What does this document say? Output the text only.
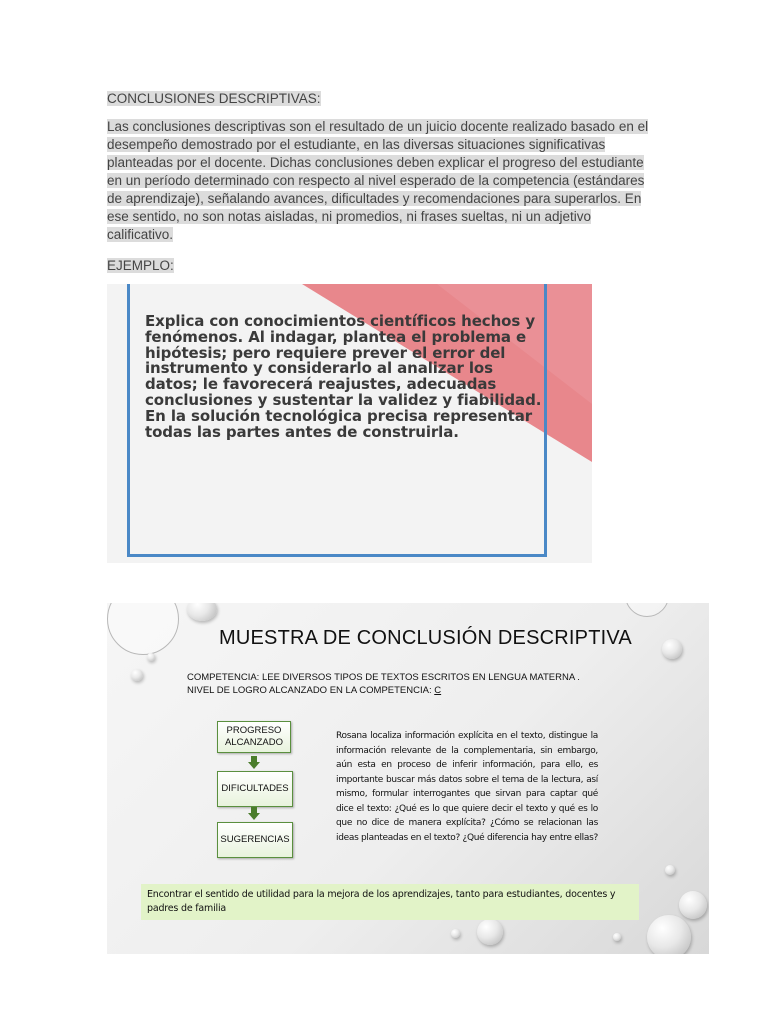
CONCLUSIONES DESCRIPTIVAS:

Las conclusiones descriptivas son el resultado de un juicio docente realizado basado en el desempeño demostrado por el estudiante, en las diversas situaciones significativas planteadas por el docente. Dichas conclusiones deben explicar el progreso del estudiante en un período determinado con respecto al nivel esperado de la competencia (estándares de aprendizaje), señalando avances, dificultades y recomendaciones para superarlos. En ese sentido, no son notas aisladas, ni promedios, ni frases sueltas, ni un adjetivo calificativo.

EJEMPLO:

Explica con conocimientos científicos hechos y fenómenos. Al indagar, plantea el problema e hipótesis; pero requiere prever el error del instrumento y considerarlo al analizar los datos; le favorecerá reajustes, adecuadas conclusiones y sustentar la validez y fiabilidad. En la solución tecnológica precisa representar todas las partes antes de construirla.

MUESTRA DE CONCLUSIÓN DESCRIPTIVA
COMPETENCIA: LEE DIVERSOS TIPOS DE TEXTOS ESCRITOS EN LENGUA MATERNA .
NIVEL DE LOGRO ALCANZADO EN LA COMPETENCIA: C
PROGRESO ALCANZADO
DIFICULTADES
SUGERENCIAS

Rosana localiza información explícita en el texto, distingue la información relevante de la complementaria, sin embargo, aún esta en proceso de inferir información, para ello, es importante buscar más datos sobre el tema de la lectura, así mismo, formular interrogantes que sirvan para captar qué dice el texto: ¿Qué es lo que quiere decir el texto y qué es lo que no dice de manera explícita? ¿Cómo se relacionan las ideas planteadas en el texto? ¿Qué diferencia hay entre ellas?

Encontrar el sentido de utilidad para la mejora de los aprendizajes, tanto para estudiantes, docentes y padres de familia
